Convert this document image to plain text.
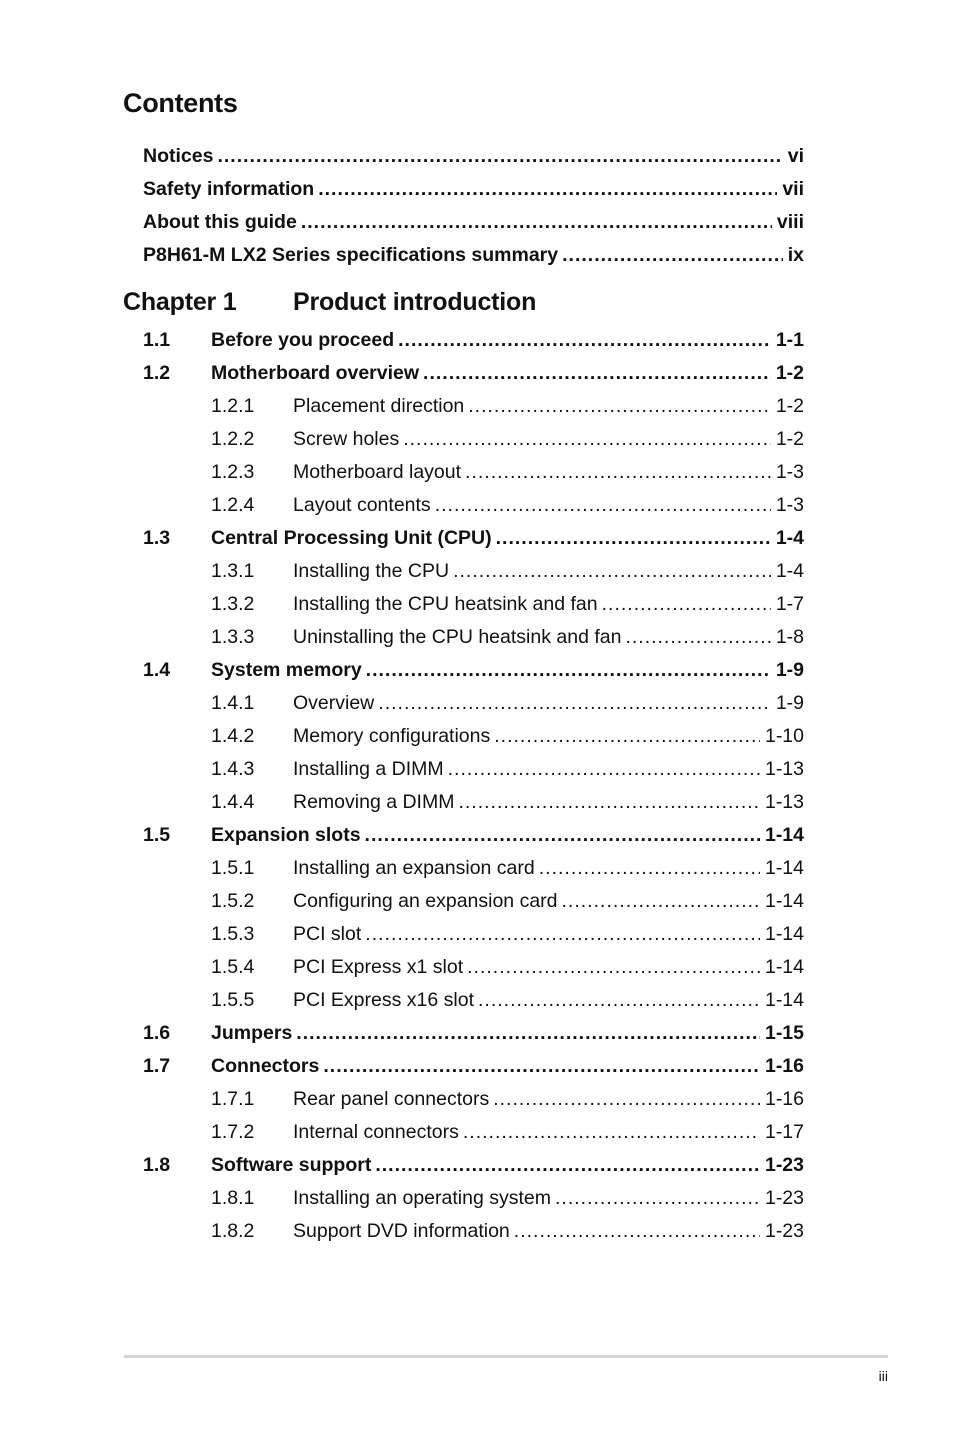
Contents
Notices .....	vi
Safety information .....	vii
About this guide .....	viii
P8H61-M LX2 Series specifications summary .....	ix
Chapter 1	Product introduction
1.1	Before you proceed .....	1-1
1.2	Motherboard overview .....	1-2
1.2.1	Placement direction .....	1-2
1.2.2	Screw holes .....	1-2
1.2.3	Motherboard layout .....	1-3
1.2.4	Layout contents .....	1-3
1.3	Central Processing Unit (CPU) .....	1-4
1.3.1	Installing the CPU .....	1-4
1.3.2	Installing the CPU heatsink and fan .....	1-7
1.3.3	Uninstalling the CPU heatsink and fan .....	1-8
1.4	System memory .....	1-9
1.4.1	Overview .....	1-9
1.4.2	Memory configurations .....	1-10
1.4.3	Installing a DIMM .....	1-13
1.4.4	Removing a DIMM .....	1-13
1.5	Expansion slots .....	1-14
1.5.1	Installing an expansion card .....	1-14
1.5.2	Configuring an expansion card .....	1-14
1.5.3	PCI slot .....	1-14
1.5.4	PCI Express x1 slot .....	1-14
1.5.5	PCI Express x16 slot .....	1-14
1.6	Jumpers .....	1-15
1.7	Connectors .....	1-16
1.7.1	Rear panel connectors .....	1-16
1.7.2	Internal connectors .....	1-17
1.8	Software support .....	1-23
1.8.1	Installing an operating system .....	1-23
1.8.2	Support DVD information .....	1-23
iii
